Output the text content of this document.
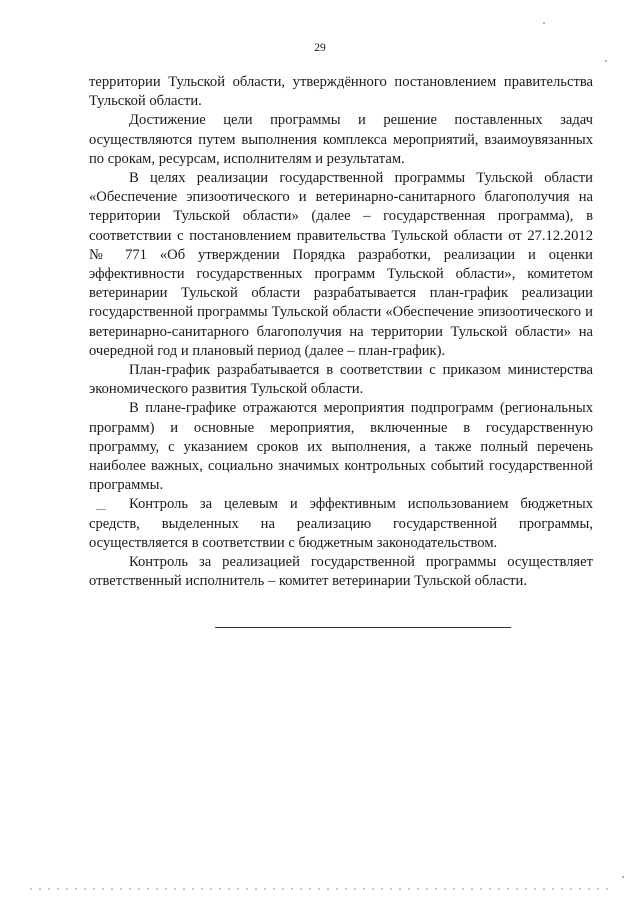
29

территории Тульской области, утверждённого постановлением правительства Тульской области.

Достижение цели программы и решение поставленных задач осуществляются путем выполнения комплекса мероприятий, взаимоувязанных по срокам, ресурсам, исполнителям и результатам.

В целях реализации государственной программы Тульской области «Обеспечение эпизоотического и ветеринарно-санитарного благополучия на территории Тульской области» (далее – государственная программа), в соответствии с постановлением правительства Тульской области от 27.12.2012 № 771 «Об утверждении Порядка разработки, реализации и оценки эффективности государственных программ Тульской области», комитетом ветеринарии Тульской области разрабатывается план-график реализации государственной программы Тульской области «Обеспечение эпизоотического и ветеринарно-санитарного благополучия на территории Тульской области» на очередной год и плановый период (далее – план-график).

План-график разрабатывается в соответствии с приказом министерства экономического развития Тульской области.

В плане-графике отражаются мероприятия подпрограмм (региональных программ) и основные мероприятия, включенные в государственную программу, с указанием сроков их выполнения, а также полный перечень наиболее важных, социально значимых контрольных событий государственной программы.

Контроль за целевым и эффективным использованием бюджетных средств, выделенных на реализацию государственной программы, осуществляется в соответствии с бюджетным законодательством.

Контроль за реализацией государственной программы осуществляет ответственный исполнитель – комитет ветеринарии Тульской области.
